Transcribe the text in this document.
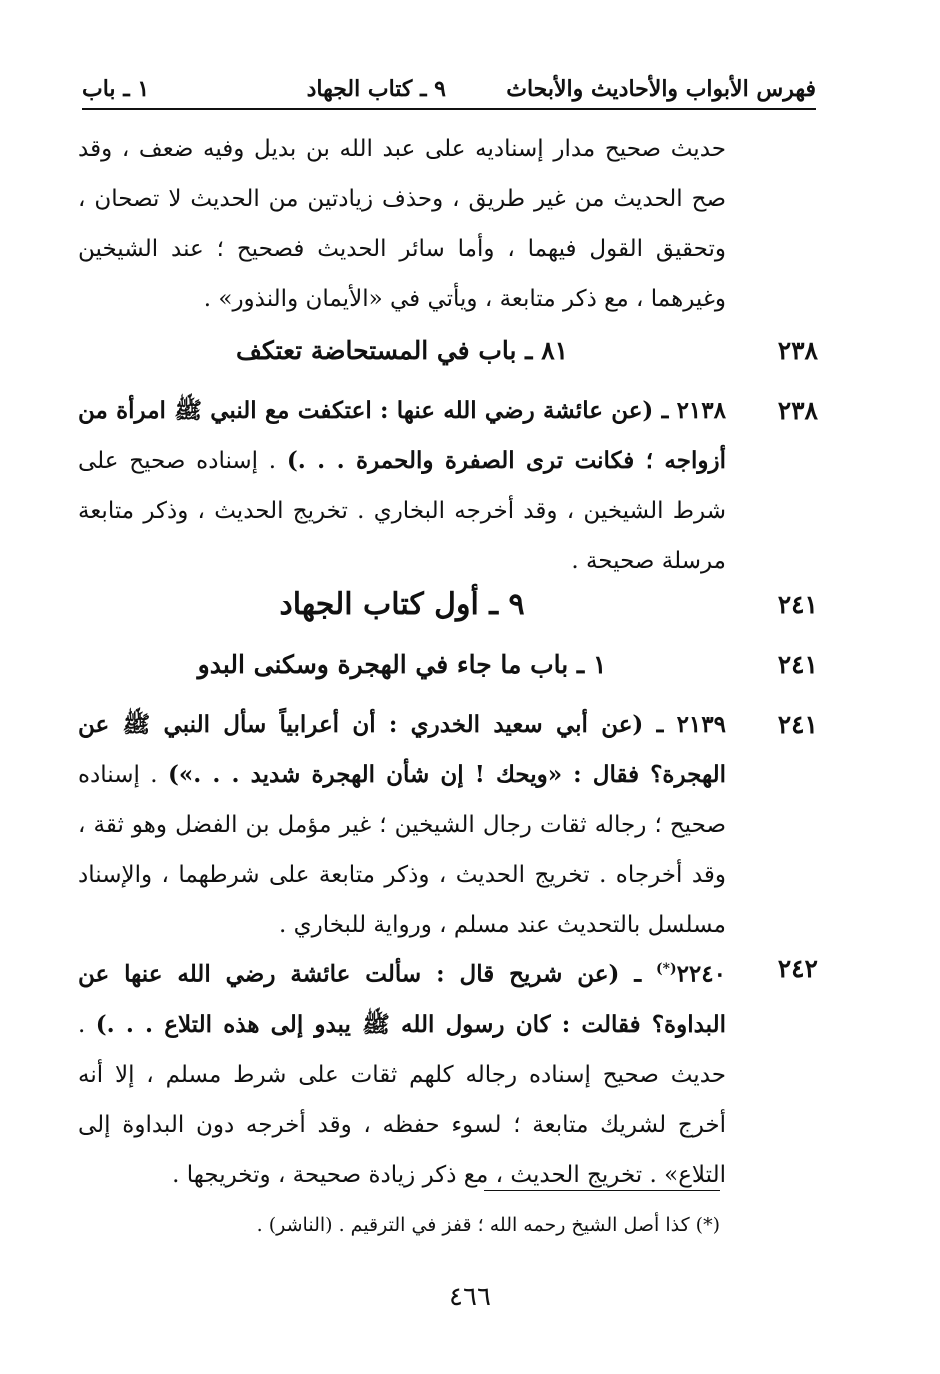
فهرس الأبواب والأحاديث والأبحاث
٩ ـ كتاب الجهاد
١ ـ باب
حديث صحيح مدار إسناديه على عبد الله بن بديل وفيه ضعف ، وقد صح الحديث من غير طريق ، وحذف زيادتين من الحديث لا تصحان ، وتحقيق القول فيهما ، وأما سائر الحديث فصحيح ؛ عند الشيخين وغيرهما ، مع ذكر متابعة ، ويأتي في «الأيمان والنذور» .
٢٣٨
٨١ ـ باب في المستحاضة تعتكف
٢٣٨
٢١٣٨ ـ (عن عائشة رضي الله عنها : اعتكفت مع النبي ﷺ امرأة من أزواجه ؛ فكانت ترى الصفرة والحمرة . . .) . إسناده صحيح على شرط الشيخين ، وقد أخرجه البخاري . تخريج الحديث ، وذكر متابعة مرسلة صحيحة .
٢٤١
٩ ـ أول كتاب الجهاد
٢٤١
١ ـ باب ما جاء في الهجرة وسكنى البدو
٢٤١
٢١٣٩ ـ (عن أبي سعيد الخدري : أن أعرابياً سأل النبي ﷺ عن الهجرة؟ فقال : «ويحك ! إن شأن الهجرة شديد . . .») . إسناده صحيح ؛ رجاله ثقات رجال الشيخين ؛ غير مؤمل بن الفضل وهو ثقة ، وقد أخرجاه . تخريج الحديث ، وذكر متابعة على شرطهما ، والإسناد مسلسل بالتحديث عند مسلم ، ورواية للبخاري .
٢٤٢
٢٢٤٠(*) ـ (عن شريح قال : سألت عائشة رضي الله عنها عن البداوة؟ فقالت : كان رسول الله ﷺ يبدو إلى هذه التلاع . . .) . حديث صحيح إسناده رجاله كلهم ثقات على شرط مسلم ، إلا أنه أخرج لشريك متابعة ؛ لسوء حفظه ، وقد أخرجه دون البداوة إلى التلاع» . تخريج الحديث ، مع ذكر زيادة صحيحة ، وتخريجها .
(*) كذا أصل الشيخ رحمه الله ؛ قفز في الترقيم . (الناشر) .
٤٦٦
